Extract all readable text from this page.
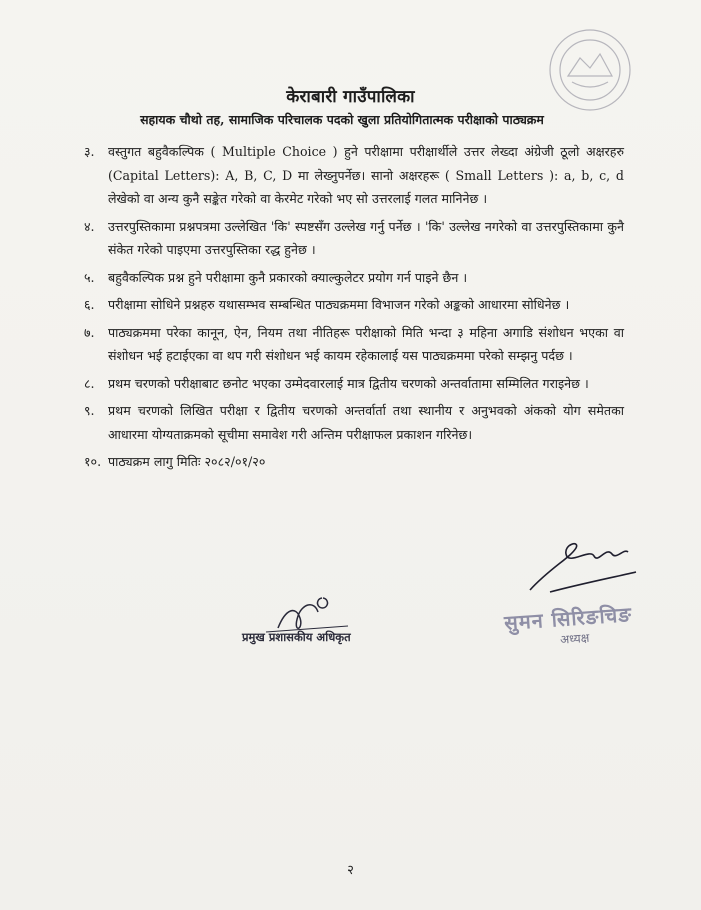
केराबारी गाउँपालिका
सहायक चौथो तह, सामाजिक परिचालक पदको खुला प्रतियोगितात्मक परीक्षाको पाठ्यक्रम
३.	वस्तुगत बहुवैकल्पिक ( Multiple Choice ) हुने परीक्षामा परीक्षार्थीले उत्तर लेख्दा अंग्रेजी ठूलो अक्षरहरु (Capital Letters): A, B, C, D मा लेख्नुपर्नेछ। सानो अक्षरहरू ( Small Letters ): a, b, c, d लेखेको वा अन्य कुनै सङ्केत गरेको वा केरमेट गरेको भए सो उत्तरलाई गलत मानिनेछ ।
४.	उत्तरपुस्तिकामा प्रश्नपत्रमा उल्लेखित 'कि' स्पष्टसँग उल्लेख गर्नु पर्नेछ । 'कि' उल्लेख नगरेको वा उत्तरपुस्तिकामा कुनै संकेत गरेको पाइएमा उत्तरपुस्तिका रद्ध हुनेछ ।
५.	बहुवैकल्पिक प्रश्न हुने परीक्षामा कुनै प्रकारको क्याल्कुलेटर प्रयोग गर्न पाइने छैन ।
६.	परीक्षामा सोधिने प्रश्नहरु यथासम्भव सम्बन्धित पाठ्यक्रममा विभाजन गरेको अङ्कको आधारमा सोधिनेछ ।
७.	पाठ्यक्रममा परेका कानून, ऐन, नियम तथा नीतिहरू परीक्षाको मिति भन्दा ३ महिना अगाडि संशोधन भएका वा संशोधन भई हटाईएका वा थप गरी संशोधन भई कायम रहेकालाई यस पाठ्यक्रममा परेको सम्झनु पर्दछ ।
८.	प्रथम चरणको परीक्षाबाट छनोट भएका उम्मेदवारलाई मात्र द्वितीय चरणको अन्तर्वातामा सम्मिलित गराइनेछ ।
९.	प्रथम चरणको लिखित परीक्षा र द्वितीय चरणको अन्तर्वार्ता तथा स्थानीय र अनुभवको अंकको योग समेतका आधारमा योग्यताक्रमको सूचीमा समावेश गरी अन्तिम परीक्षाफल प्रकाशन गरिनेछ।
१०. पाठ्यक्रम लागु मितिः २०८२/०१/२०
प्रमुख प्रशासकीय अधिकृत
सुमन सिरिङचिङ
अध्यक्ष
२
